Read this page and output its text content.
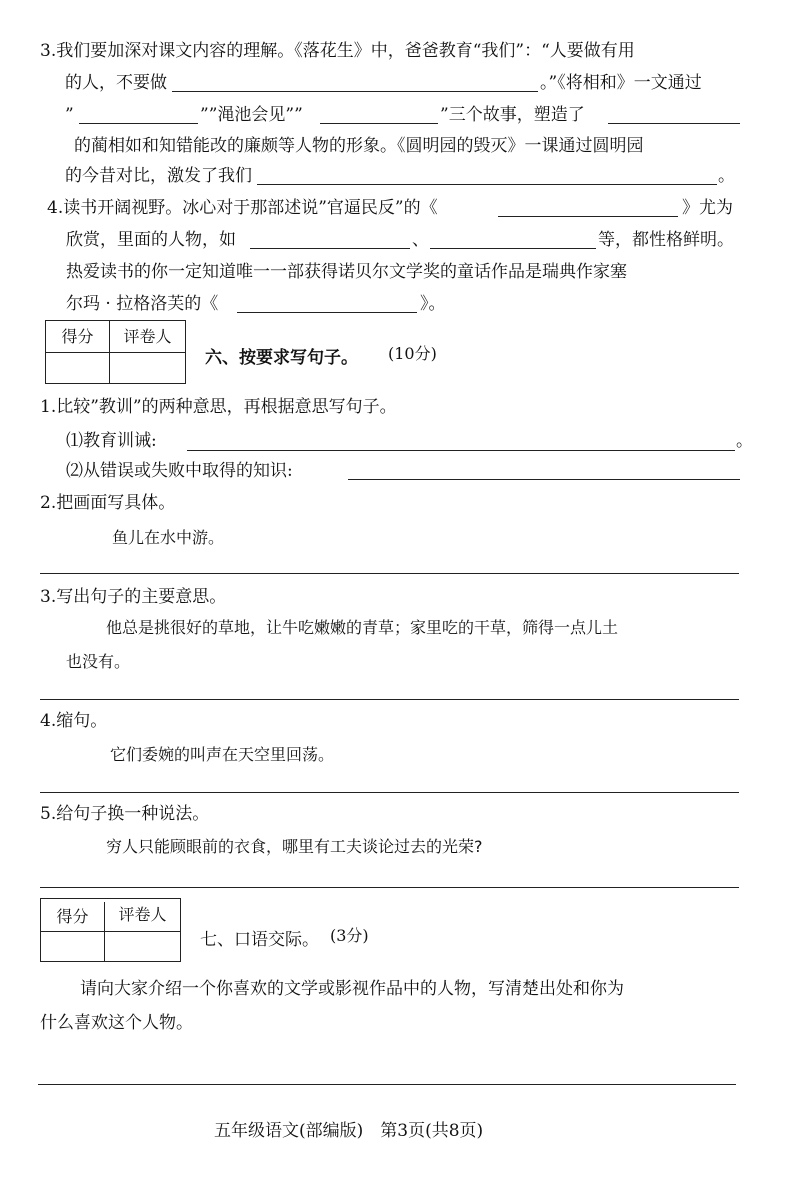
3.我们要加深对课文内容的理解。《落花生》中，爸爸教育“我们”：“人要做有用
的人，不要做	。”《将相和》一文通过
”	””渑池会见””	”三个故事，塑造了
的蔺相如和知错能改的廉颇等人物的形象。《圆明园的毁灭》一课通过圆明园
的今昔对比，激发了我们	。
4.读书开阔视野。冰心对于那部述说”官逼民反”的《	》尤为
欣赏，里面的人物，如	、	等，都性格鲜明。
热爱读书的你一定知道唯一一部获得诺贝尔文学奖的童话作品是瑞典作家塞
尔玛 · 拉格洛芙的《	》。
得分	评卷人
六、按要求写句子。 (10分)
1.比较”教训”的两种意思，再根据意思写句子。
⑴教育训诫:	。
⑵从错误或失败中取得的知识:
2.把画面写具体。
鱼儿在水中游。
3.写出句子的主要意思。
他总是挑很好的草地，让牛吃嫩嫩的青草；家里吃的干草，筛得一点儿土
也没有。
4.缩句。
它们委婉的叫声在天空里回荡。
5.给句子换一种说法。
穷人只能顾眼前的衣食，哪里有工夫谈论过去的光荣?
得分	评卷人
七、口语交际。 (3分)
请向大家介绍一个你喜欢的文学或影视作品中的人物，写清楚出处和你为
什么喜欢这个人物。
五年级语文(部编版)　第3页(共8页)
